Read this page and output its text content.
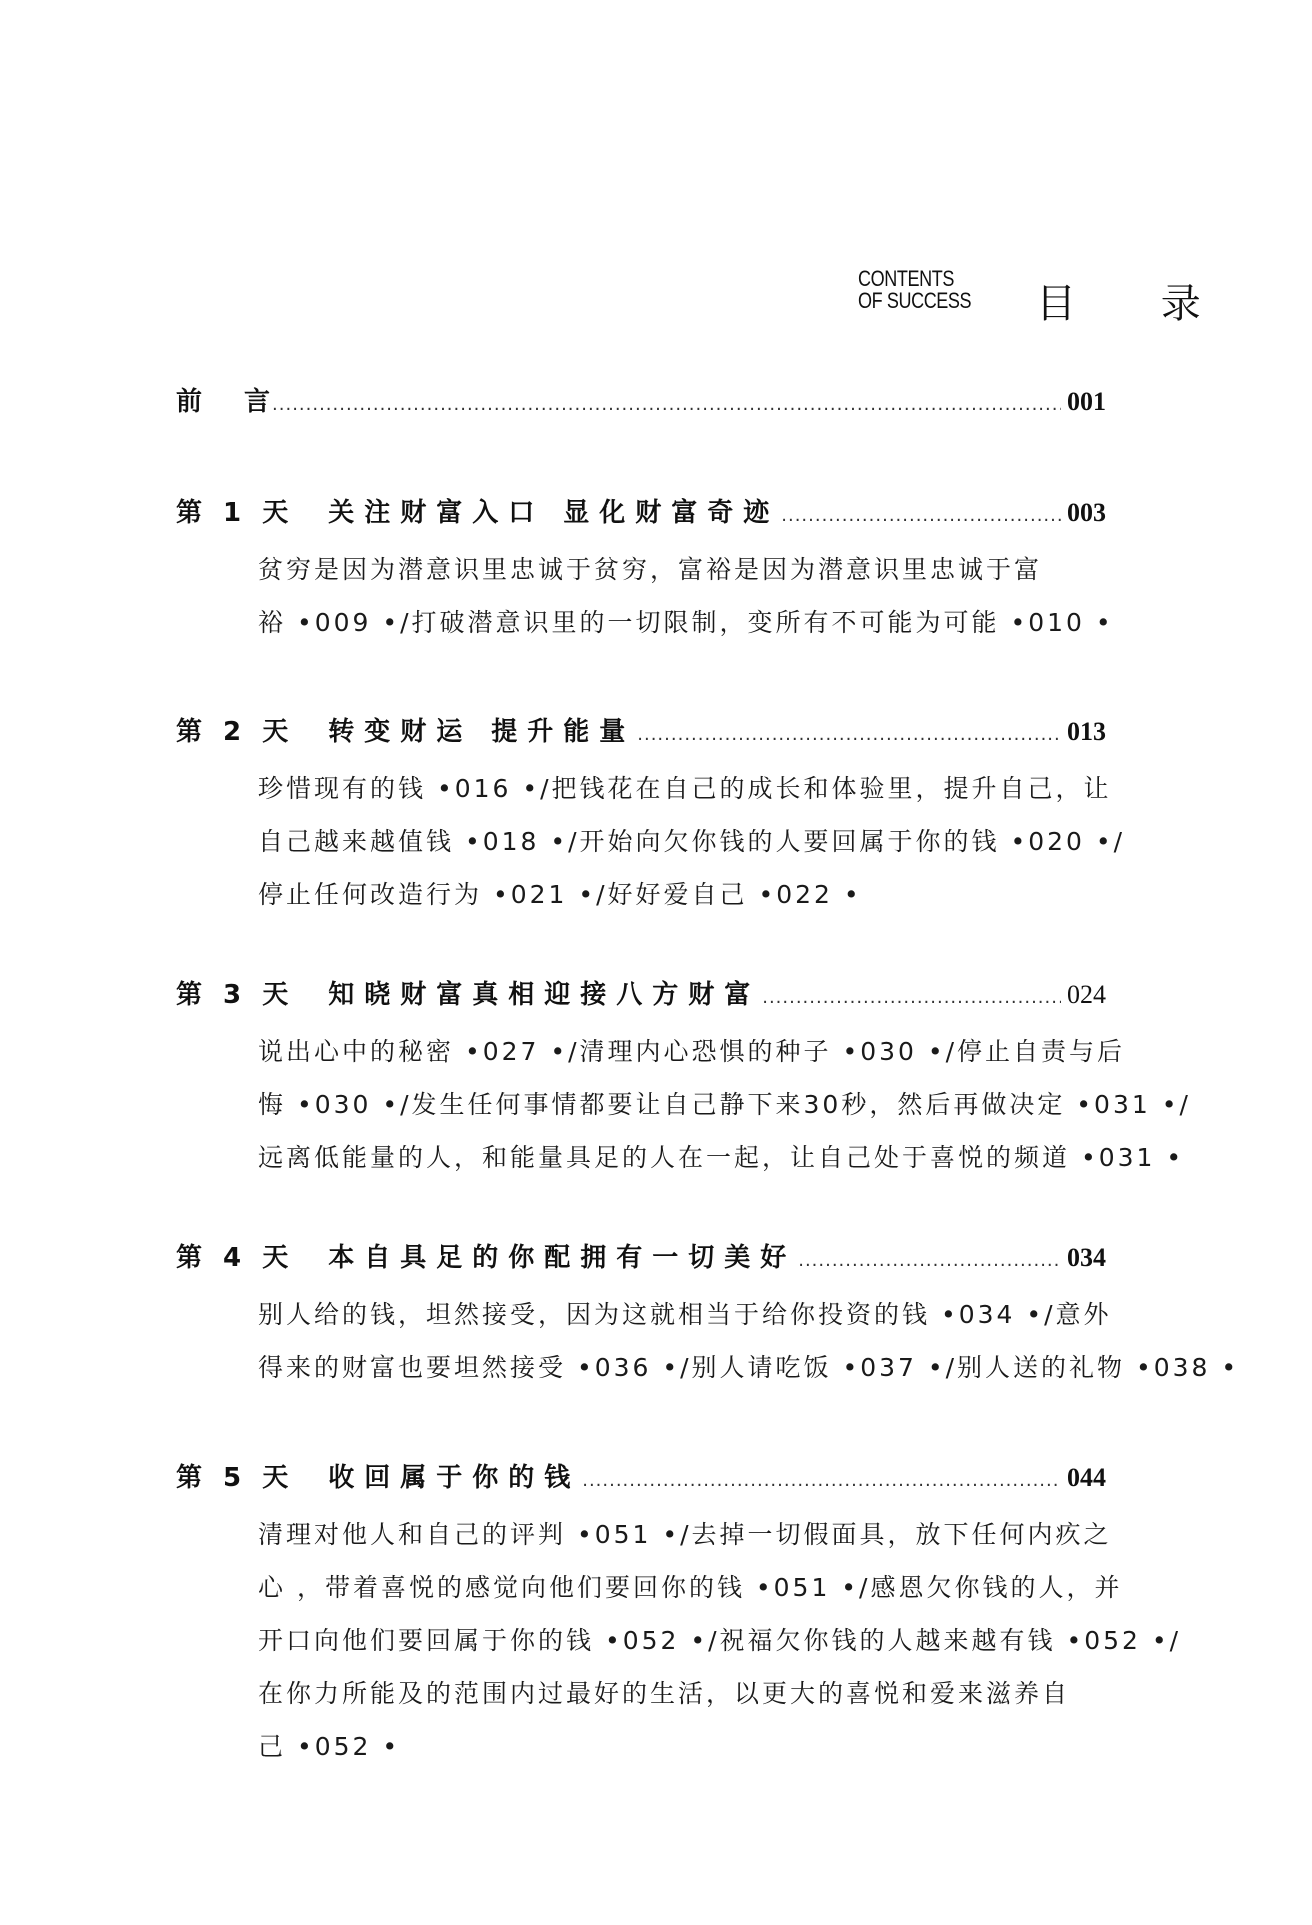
CONTENTS
OF SUCCESS 目 录
前 言 .....	001
第 1 天 关注财富入口 显化财富奇迹 .....	003

贫穷是因为潜意识里忠诚于贫穷，富裕是因为潜意识里忠诚于富

裕 •009 •/打破潜意识里的一切限制，变所有不可能为可能 •010 •

第 2 天 转变财运 提升能量 .....	013

珍惜现有的钱 •016 •/把钱花在自己的成长和体验里，提升自己，让

自己越来越值钱 •018 •/开始向欠你钱的人要回属于你的钱 •020 •/

停止任何改造行为 •021 •/好好爱自己 •022 •

第 3 天 知晓财富真相迎接八方财富 .....	024

说出心中的秘密 •027 •/清理内心恐惧的种子 •030 •/停止自责与后

悔 •030 •/发生任何事情都要让自己静下来30秒，然后再做决定 •031 •/

远离低能量的人，和能量具足的人在一起，让自己处于喜悦的频道 •031 •

第 4 天 本自具足的你配拥有一切美好 .....	034

别人给的钱，坦然接受，因为这就相当于给你投资的钱 •034 •/意外

得来的财富也要坦然接受 •036 •/别人请吃饭 •037 •/别人送的礼物 •038 •

第 5 天 收回属于你的钱 .....	044

清理对他人和自己的评判 •051 •/去掉一切假面具，放下任何内疚之

心 ，带着喜悦的感觉向他们要回你的钱 •051 •/感恩欠你钱的人，并

开口向他们要回属于你的钱 •052 •/祝福欠你钱的人越来越有钱 •052 •/

在你力所能及的范围内过最好的生活，以更大的喜悦和爱来滋养自

己 •052 •
